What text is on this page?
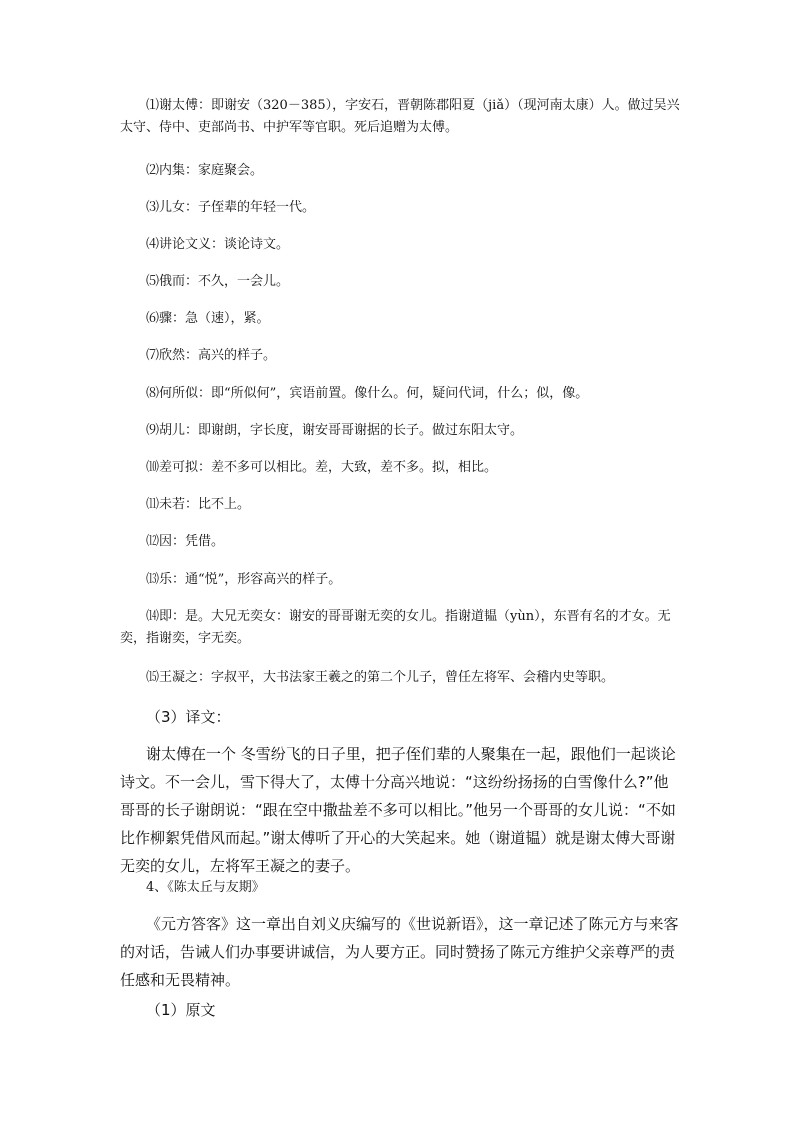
⑴谢太傅：即谢安（320－385），字安石，晋朝陈郡阳夏（jiǎ）（现河南太康）人。做过吴兴太守、侍中、吏部尚书、中护军等官职。死后追赠为太傅。

⑵内集：家庭聚会。

⑶儿女：子侄辈的年轻一代。

⑷讲论文义：谈论诗文。

⑸俄而：不久，一会儿。

⑹骤：急（速），紧。

⑺欣然：高兴的样子。

⑻何所似：即“所似何”，宾语前置。像什么。何，疑问代词，什么；似，像。

⑼胡儿：即谢朗，字长度，谢安哥哥谢据的长子。做过东阳太守。

⑽差可拟：差不多可以相比。差，大致，差不多。拟，相比。

⑾未若：比不上。

⑿因：凭借。

⒀乐：通“悦”，形容高兴的样子。

⒁即：是。大兄无奕女：谢安的哥哥谢无奕的女儿。指谢道韫（yùn），东晋有名的才女。无奕，指谢奕，字无奕。

⒂王凝之：字叔平，大书法家王羲之的第二个儿子，曾任左将军、会稽内史等职。

（3）译文：

谢太傅在一个 冬雪纷飞的日子里，把子侄们辈的人聚集在一起，跟他们一起谈论诗文。不一会儿，雪下得大了，太傅十分高兴地说：“这纷纷扬扬的白雪像什么?”他哥哥的长子谢朗说：“跟在空中撒盐差不多可以相比。”他另一个哥哥的女儿说：“不如比作柳絮凭借风而起。”谢太傅听了开心的大笑起来。她（谢道韫）就是谢太傅大哥谢无奕的女儿，左将军王凝之的妻子。

4、《陈太丘与友期》

《元方答客》这一章出自刘义庆编写的《世说新语》，这一章记述了陈元方与来客的对话，告诫人们办事要讲诚信，为人要方正。同时赞扬了陈元方维护父亲尊严的责任感和无畏精神。

（1）原文
